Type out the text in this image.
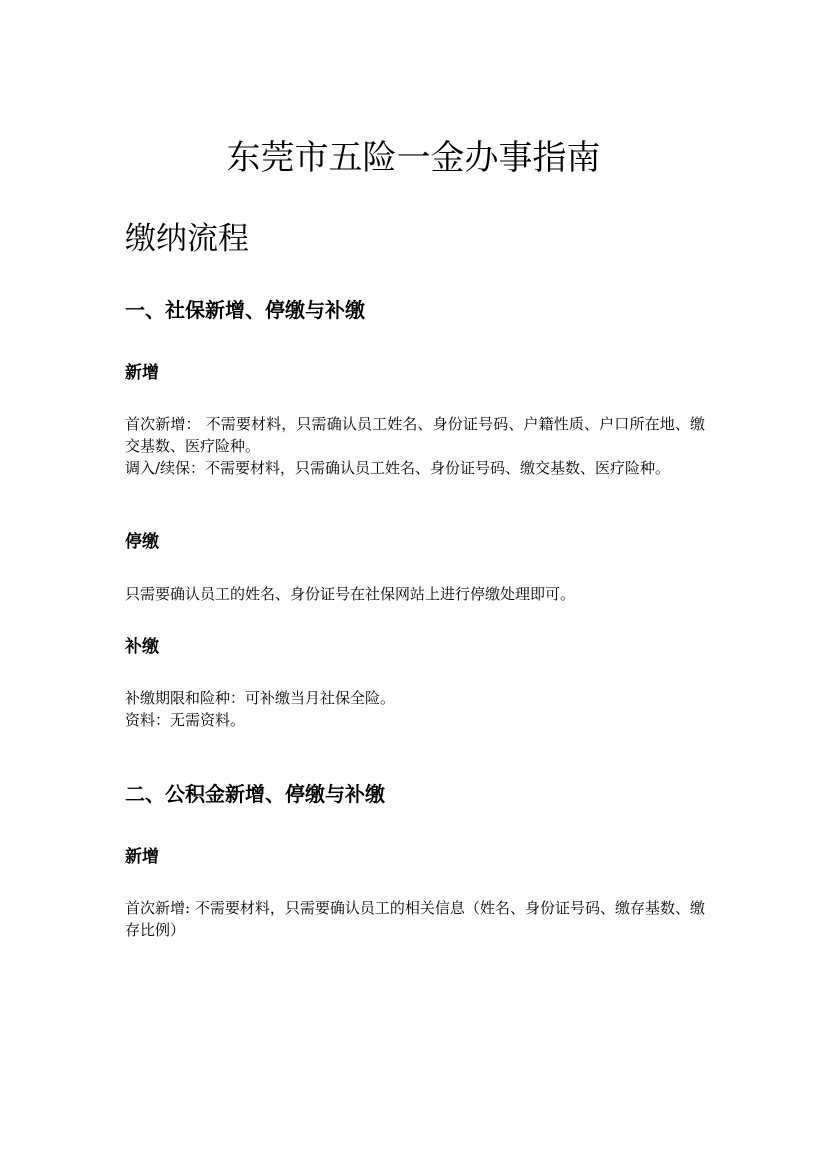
东莞市五险一金办事指南
缴纳流程
一、社保新增、停缴与补缴
新增

首次新增： 不需要材料，只需确认员工姓名、身份证号码、户籍性质、户口所在地、缴交基数、医疗险种。

调入/续保：不需要材料，只需确认员工姓名、身份证号码、缴交基数、医疗险种。

停缴

只需要确认员工的姓名、身份证号在社保网站上进行停缴处理即可。

补缴

补缴期限和险种：可补缴当月社保全险。

资料：无需资料。

二、公积金新增、停缴与补缴
新增

首次新增: 不需要材料，只需要确认员工的相关信息（姓名、身份证号码、缴存基数、缴存比例）
